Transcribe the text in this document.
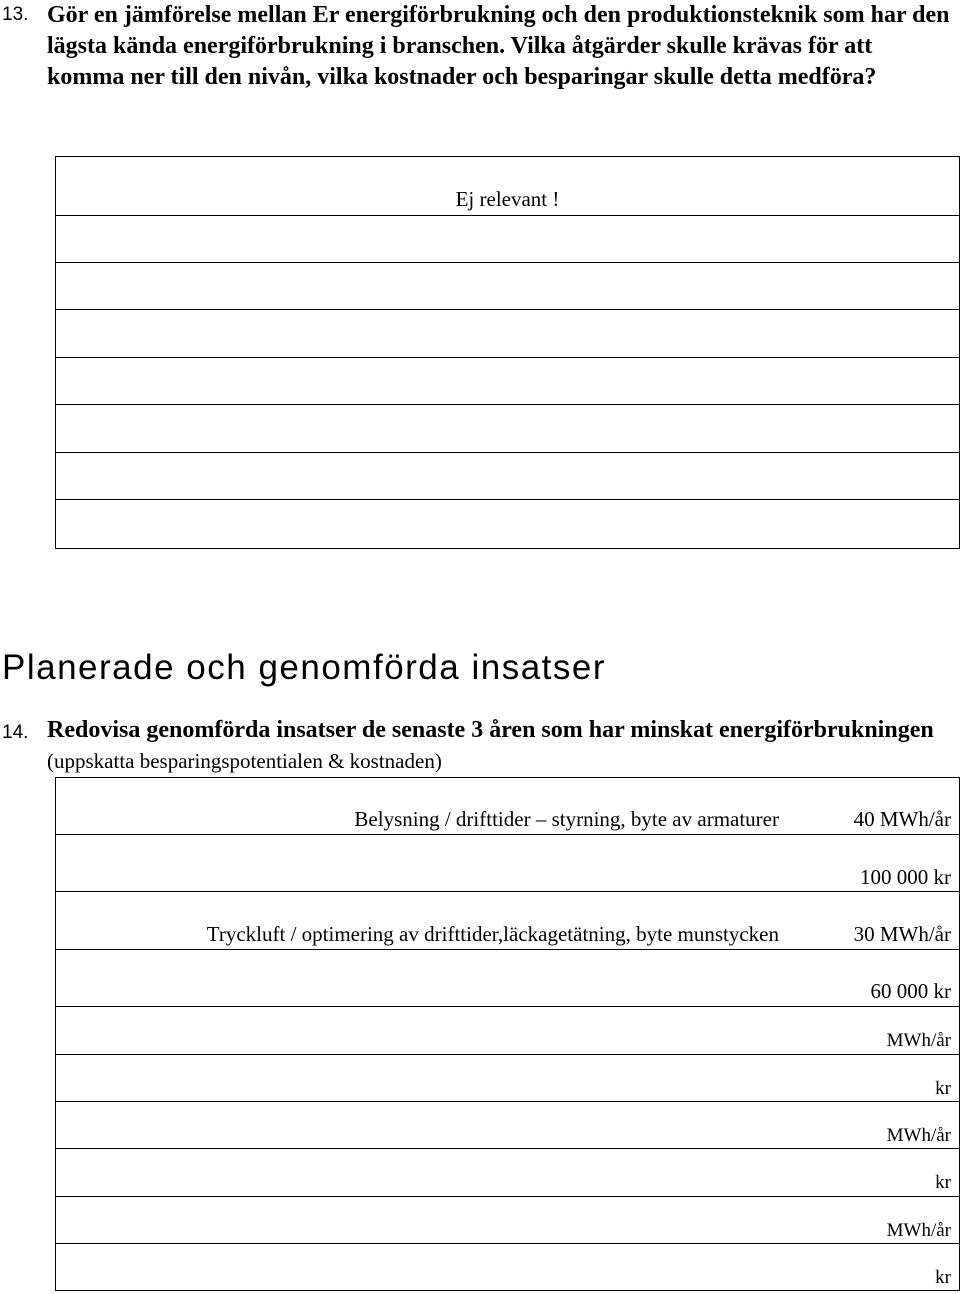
13. Gör en jämförelse mellan Er energiförbrukning och den produktionsteknik som har den lägsta kända energiförbrukning i branschen. Vilka åtgärder skulle krävas för att komma ner till den nivån, vilka kostnader och besparingar skulle detta medföra?
Ej relevant !
Planerade och genomförda insatser
14. Redovisa genomförda insatser de senaste 3 åren som har minskat energiförbrukningen (uppskatta besparingspotentialen & kostnaden)
Belysning / drifttider – styrning, byte av armaturer	40 MWh/år
100 000 kr
Tryckluft / optimering av drifttider,läckagetätning, byte munstycken	30 MWh/år
60 000 kr
MWh/år
kr
MWh/år
kr
MWh/år
kr
